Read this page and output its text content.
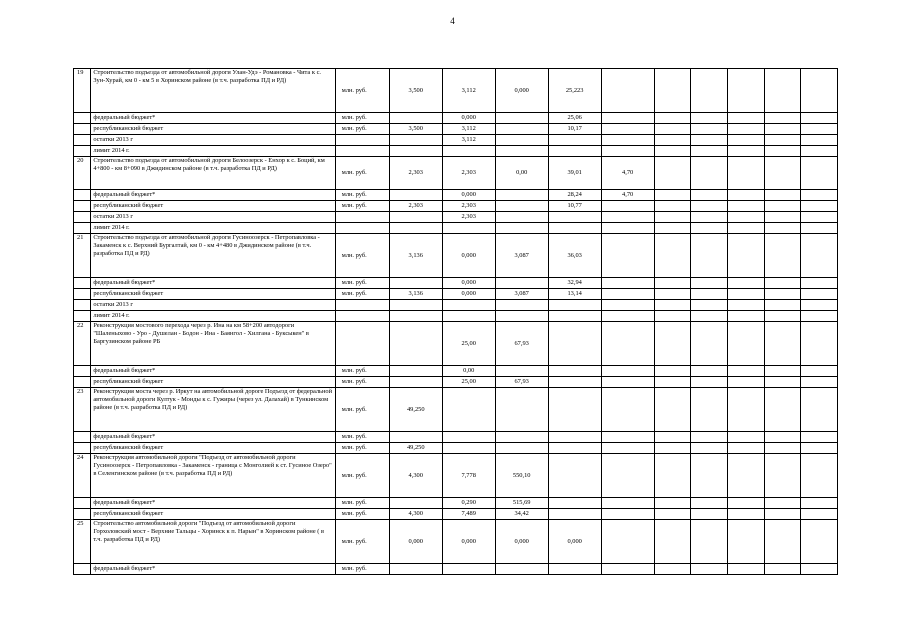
4
19	Строительство подъезда от автомобильной дороги Улан-Удэ - Романовка - Чита к с. Зун-Хурай, км 0 - км 5 в Хоринском районе (в т.ч. разработка ПД и РД)	млн. руб.	3,500	3,112	0,000	25,223						
	федеральный бюджет*	млн. руб.		0,000		25,06						
	республиканский бюджет	млн. руб.	3,500	3,112		10,17						
	остатки 2013 г			3,112								
	лимит 2014 г.											
20	Строительство подъезда от автомобильной дороги Белоозерск - Енхор к с. Боций, км 4+800 - км 8+090 в Джидинском районе (в т.ч. разработка ПД и РД)	млн. руб.	2,303	2,303	0,00	39,01	4,70					
	федеральный бюджет*	млн. руб.		0,000		28,24	4,70					
	республиканский бюджет	млн. руб.	2,303	2,303		10,77						
	остатки 2013 г			2,303								
	лимит 2014 г.											
21	Строительство подъезда от автомобильной дороги Гусиноозерск - Петропавловка - Закаменск к с. Верхний Бургалтай, км 0 - км 4+480 в Джидинском районе (в т.ч. разработка ПД и РД)	млн. руб.	3,136	0,000	3,087	36,03						
	федеральный бюджет*	млн. руб.		0,000		32,94						
	республиканский бюджет	млн. руб.	3,136	0,000	3,087	13,14						
	остатки 2013 г											
	лимит 2014 г.											
22	Реконструкция мостового перехода через р. Ина на км 58+200 автодороги "Шаленыхово - Уро - Душелан - Бодон - Ина - Баянгол - Хилгана - Буксыкен" в Баргузинском районе РБ			25,00	67,93							
	федеральный бюджет*	млн. руб.		0,00								
	республиканский бюджет	млн. руб.		25,00	67,93							
23	Реконструкция моста через р. Иркут на автомобильной дороге Подъезд от федеральной автомобильной дороги Култук - Монды к с. Гужиры (через ул. Далахай) в Тункинском районе (в т.ч. разработка ПД и РД)	млн. руб.	49,250									
	федеральный бюджет*	млн. руб.										
	республиканский бюджет	млн. руб.	49,250									
24	Реконструкция автомобильной дороги "Подъезд от автомобильной дороги Гусиноозерск - Петропавловка - Закаменск - граница с Монголией к ст. Гусиное Озеро" в Селенгинском районе (в т.ч. разработка ПД и РД)	млн. руб.	4,300	7,778	550,10							
	федеральный бюджет*	млн. руб.		0,290	515,69							
	республиканский бюджет	млн. руб.	4,300	7,489	34,42							
25	Строительство автомобильной дороги "Подъезд от автомобильной дороги Горхоловский мост - Верхние Тальцы - Хоринск к п. Нарын" в Хоринском районе ( в т.ч. разработка ПД и РД)	млн. руб.	0,000	0,000	0,000	0,000						
	федеральный бюджет*	млн. руб.										
